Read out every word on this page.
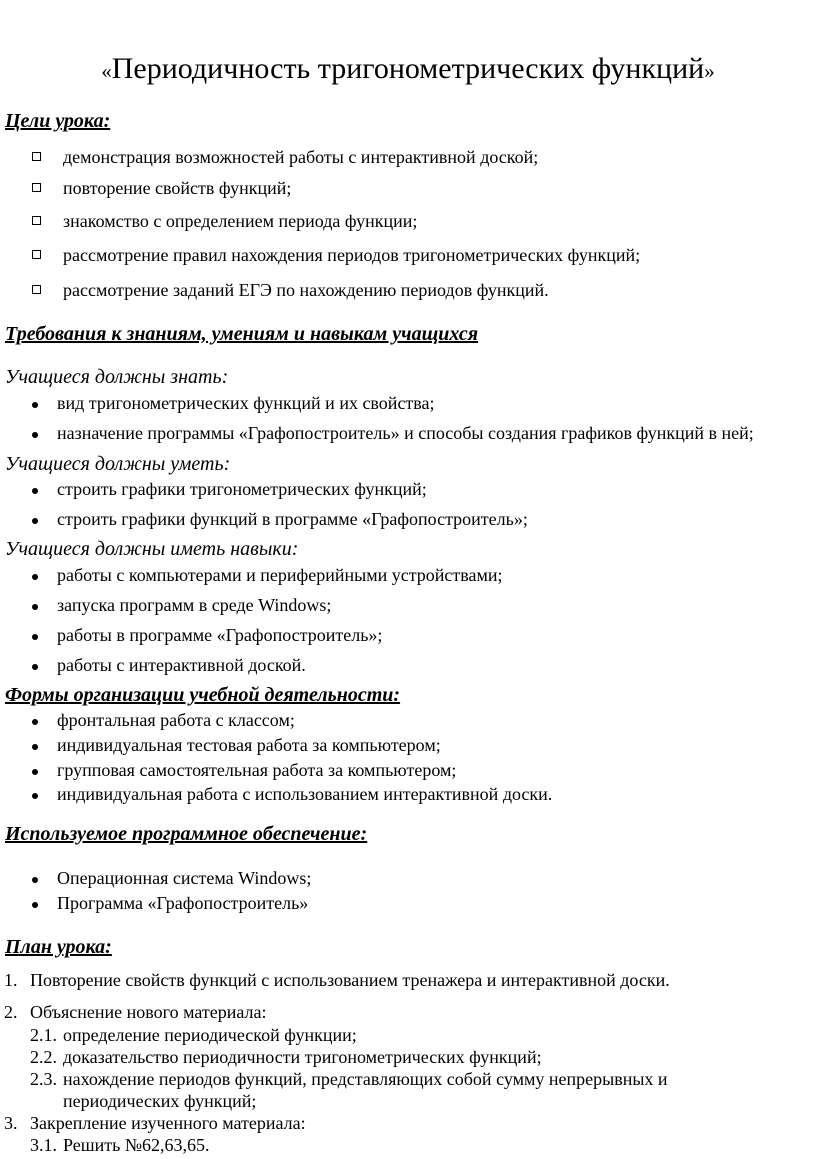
«Периодичность тригонометрических функций»
Цели урока:
демонстрация возможностей работы с интерактивной доской;
повторение свойств функций;
знакомство с определением периода функции;
рассмотрение правил нахождения периодов тригонометрических функций;
рассмотрение заданий ЕГЭ по нахождению периодов функций.
Требования к знаниям, умениям и навыкам учащихся
Учащиеся должны знать:
вид тригонометрических функций и их свойства;
назначение программы «Графопостроитель» и способы создания графиков функций в ней;
Учащиеся должны уметь:
строить графики тригонометрических функций;
строить графики функций в программе «Графопостроитель»;
Учащиеся должны иметь навыки:
работы с компьютерами и периферийными устройствами;
запуска программ в среде Windows;
работы в программе «Графопостроитель»;
работы с интерактивной доской.
Формы организации учебной деятельности:
фронтальная работа с классом;
индивидуальная тестовая работа за компьютером;
групповая самостоятельная работа за компьютером;
индивидуальная работа с использованием интерактивной доски.
Используемое программное обеспечение:
Операционная система Windows;
Программа «Графопостроитель»
План урока:
1. Повторение свойств функций с использованием тренажера и интерактивной доски.
2. Объяснение нового материала:
2.1. определение периодической функции;
2.2. доказательство периодичности тригонометрических функций;
2.3. нахождение периодов функций, представляющих собой сумму непрерывных и
периодических функций;
3. Закрепление изученного материала:
3.1. Решить №62,63,65.
